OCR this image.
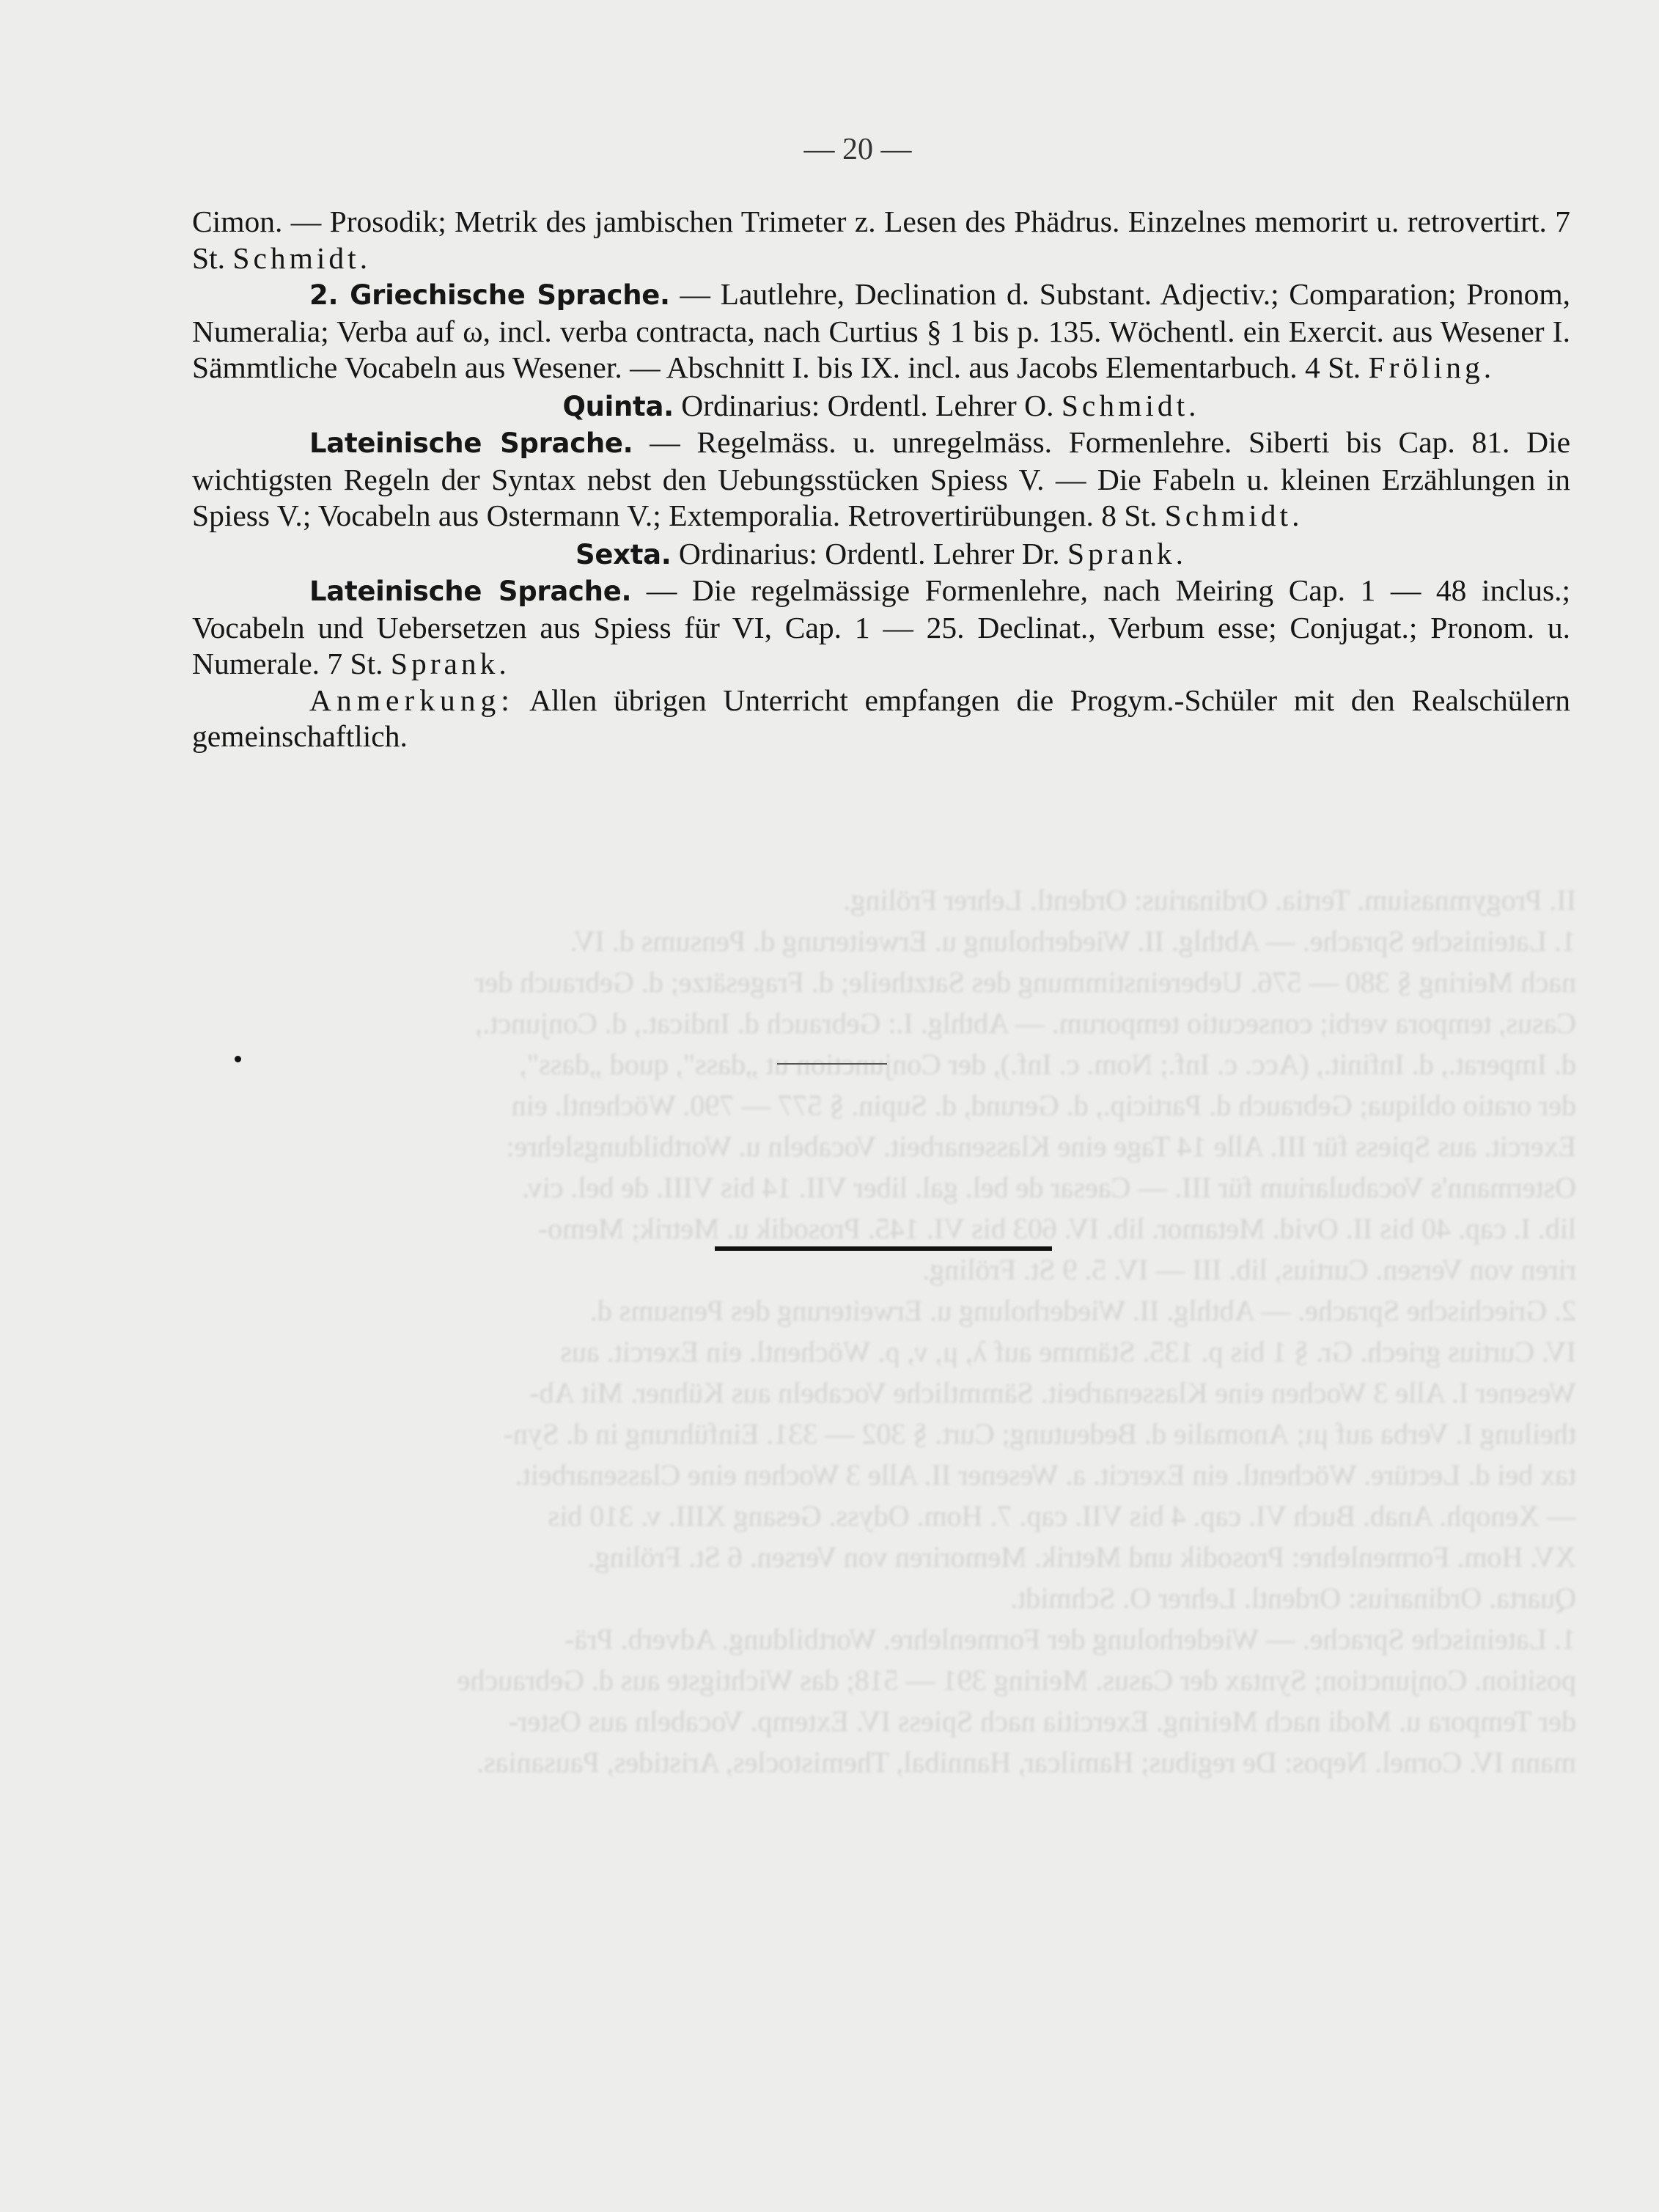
II. Progymnasium. Tertia. Ordinarius: Ordentl. Lehrer Fröling.

1. Lateinische Sprache. — Abthlg. II. Wiederholung u. Erweiterung d. Pensums d. IV.

nach Meiring § 380 — 576. Uebereinstimmung des Satztheile; d. Fragesätze; d. Gebrauch der

Casus, tempora verbi; consecutio temporum. — Abthlg. I.: Gebrauch d. Indicat., d. Conjunct.,

d. Imperat., d. Infinit., (Acc. c. Inf.; Nom. c. Inf.), der Conjunction ut „dass", quod „dass",

der oratio obliqua; Gebrauch d. Particip., d. Gerund, d. Supin. § 577 — 790. Wöchentl. ein

Exercit. aus Spiess für III. Alle 14 Tage eine Klassenarbeit. Vocabeln u. Wortbildungslehre:

Ostermann's Vocabularium für III. — Caesar de bel. gal. liber VII. 14 bis VIII. de bel. civ.

lib. I. cap. 40 bis II. Ovid. Metamor. lib. IV. 603 bis VI. 145. Prosodik u. Metrik; Memo-

riren von Versen. Curtius, lib. III — IV. 5. 9 St. Fröling.

2. Griechische Sprache. — Abthlg. II. Wiederholung u. Erweiterung des Pensums d.

IV. Curtius griech. Gr. § 1 bis p. 135. Stämme auf λ, μ, ν, ρ. Wöchentl. ein Exercit. aus

Wesener I. Alle 3 Wochen eine Klassenarbeit. Sämmtliche Vocabeln aus Kühner. Mit Ab-

theilung I. Verba auf μι; Anomalie d. Bedeutung; Curt. § 302 — 331. Einführung in d. Syn-

tax bei d. Lectüre. Wöchentl. ein Exercit. a. Wesener II. Alle 3 Wochen eine Classenarbeit.

— Xenoph. Anab. Buch VI. cap. 4 bis VII. cap. 7. Hom. Odyss. Gesang XIII. v. 310 bis

XV. Hom. Formenlehre: Prosodik und Metrik. Memoriren von Versen. 6 St. Fröling.

Quarta. Ordinarius: Ordentl. Lehrer O. Schmidt.

1. Lateinische Sprache. — Wiederholung der Formenlehre. Wortbildung. Adverb. Prä-

position. Conjunction; Syntax der Casus. Meiring 391 — 518; das Wichtigste aus d. Gebrauche

der Tempora u. Modi nach Meiring. Exercitia nach Spiess IV. Extemp. Vocabeln aus Oster-

mann IV. Cornel. Nepos: De regibus; Hamilcar, Hannibal, Themistocles, Aristides, Pausanias.

— 20 —

Cimon. — Prosodik; Metrik des jambischen Trimeter z. Lesen des Phädrus. Einzelnes memorirt u. retrovertirt. 7 St. Schmidt.

2. Griechische Sprache. — Lautlehre, Declination d. Substant. Adjectiv.; Comparation; Pronom, Numeralia; Verba auf ω, incl. verba contracta, nach Curtius § 1 bis p. 135. Wöchentl. ein Exercit. aus Wesener I. Sämmtliche Vocabeln aus Wesener. — Abschnitt I. bis IX. incl. aus Jacobs Elementarbuch. 4 St. Fröling.

Quinta. Ordinarius: Ordentl. Lehrer O. Schmidt.

Lateinische Sprache. — Regelmäss. u. unregelmäss. Formenlehre. Siberti bis Cap. 81. Die wichtigsten Regeln der Syntax nebst den Uebungsstücken Spiess V. — Die Fabeln u. kleinen Erzählungen in Spiess V.; Vocabeln aus Ostermann V.; Extemporalia. Retrovertirübungen. 8 St. Schmidt.

Sexta. Ordinarius: Ordentl. Lehrer Dr. Sprank.

Lateinische Sprache. — Die regelmässige Formenlehre, nach Meiring Cap. 1 — 48 inclus.; Vocabeln und Uebersetzen aus Spiess für VI, Cap. 1 — 25. Declinat., Verbum esse; Conjugat.; Pronom. u. Numerale. 7 St. Sprank.

Anmerkung: Allen übrigen Unterricht empfangen die Progym.-Schüler mit den Realschülern gemeinschaftlich.
